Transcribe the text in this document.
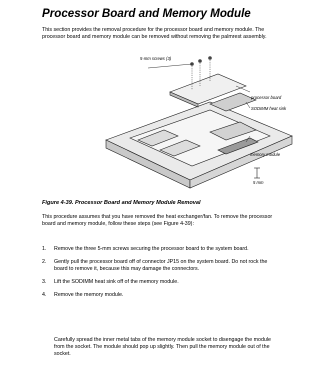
Processor Board and Memory Module

This section provides the removal procedure for the processor board and memory module. The processor board and memory module can be removed without removing the palmrest assembly.

5-mm screws (3)
processor board
SODIMM heat sink
memory module
5 mm
Figure 4-39. Processor Board and Memory Module Removal

This procedure assumes that you have removed the heat exchanger/fan. To remove the processor board and memory module, follow these steps (see Figure 4-39):

1. Remove the three 5-mm screws securing the processor board to the system board.
2. Gently pull the processor board off of connector JP15 on the system board. Do not rock the board to remove it, because this may damage the connectors.
3. Lift the SODIMM heat sink off of the memory module.
4. Remove the memory module.

Carefully spread the inner metal tabs of the memory module socket to disengage the module from the socket. The module should pop up slightly. Then pull the memory module out of the socket.
